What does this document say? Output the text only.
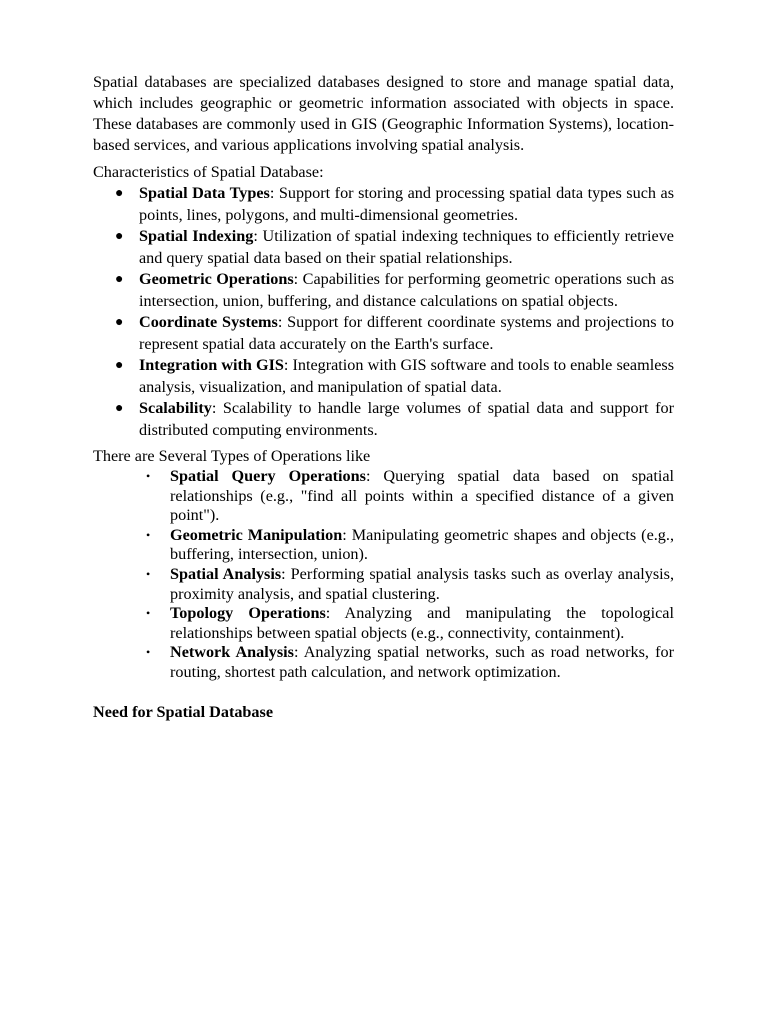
Spatial databases are specialized databases designed to store and manage spatial data, which includes geographic or geometric information associated with objects in space. These databases are commonly used in GIS (Geographic Information Systems), location-based services, and various applications involving spatial analysis.

Characteristics of Spatial Database:

● Spatial Data Types: Support for storing and processing spatial data types such as points, lines, polygons, and multi-dimensional geometries.
● Spatial Indexing: Utilization of spatial indexing techniques to efficiently retrieve and query spatial data based on their spatial relationships.
● Geometric Operations: Capabilities for performing geometric operations such as intersection, union, buffering, and distance calculations on spatial objects.
● Coordinate Systems: Support for different coordinate systems and projections to represent spatial data accurately on the Earth's surface.
● Integration with GIS: Integration with GIS software and tools to enable seamless analysis, visualization, and manipulation of spatial data.
● Scalability: Scalability to handle large volumes of spatial data and support for distributed computing environments.

There are Several Types of Operations like

• Spatial Query Operations: Querying spatial data based on spatial relationships (e.g., "find all points within a specified distance of a given point").
• Geometric Manipulation: Manipulating geometric shapes and objects (e.g., buffering, intersection, union).
• Spatial Analysis: Performing spatial analysis tasks such as overlay analysis, proximity analysis, and spatial clustering.
• Topology Operations: Analyzing and manipulating the topological relationships between spatial objects (e.g., connectivity, containment).
• Network Analysis: Analyzing spatial networks, such as road networks, for routing, shortest path calculation, and network optimization.

Need for Spatial Database
